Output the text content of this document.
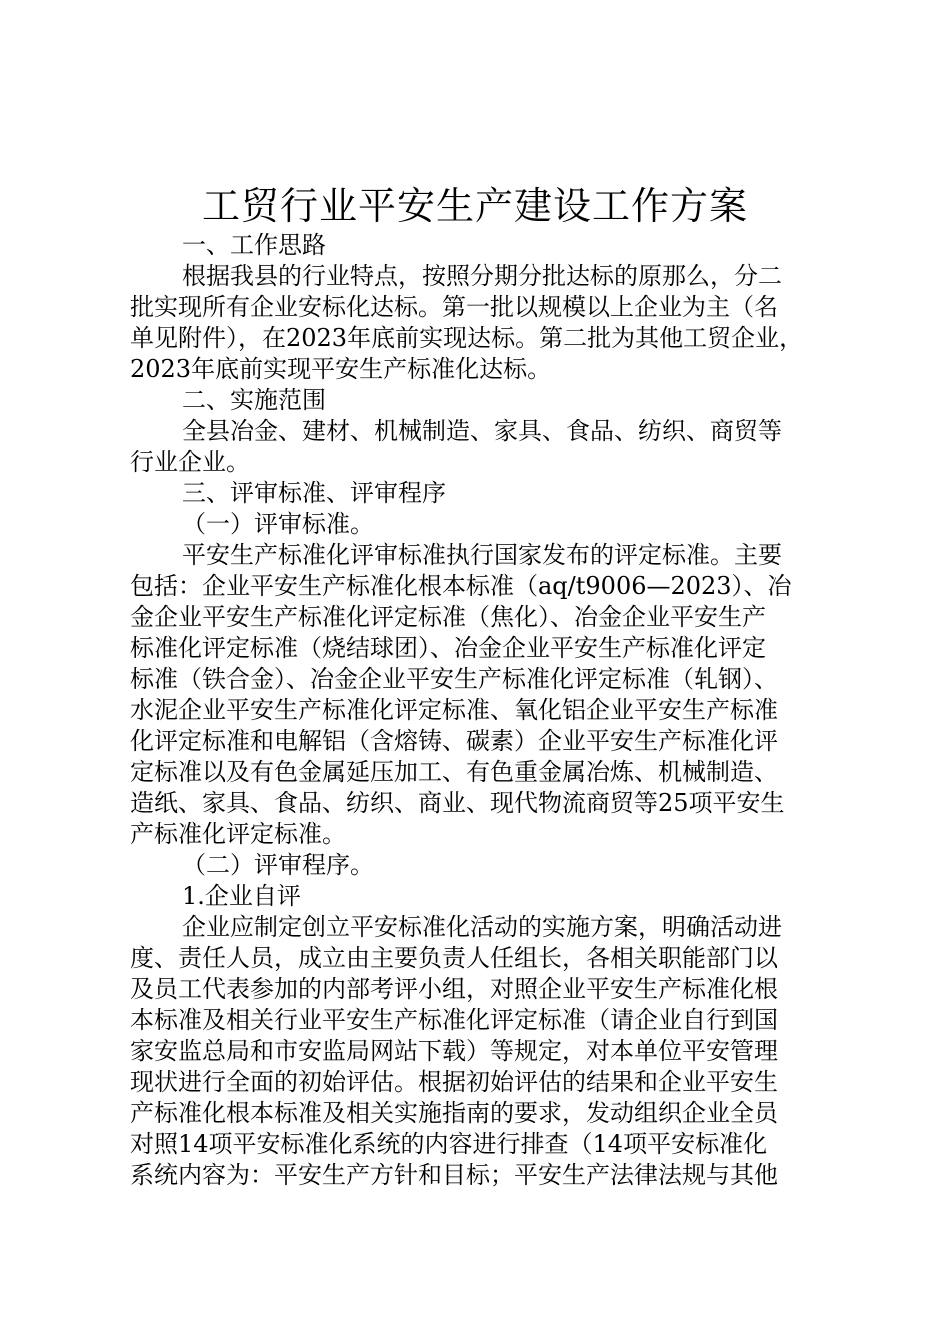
工贸行业平安生产建设工作方案
一、工作思路
根据我县的行业特点，按照分期分批达标的原那么，分二
批实现所有企业安标化达标。第一批以规模以上企业为主（名
单见附件），在2023年底前实现达标。第二批为其他工贸企业，
2023年底前实现平安生产标准化达标。
二、实施范围
全县冶金、建材、机械制造、家具、食品、纺织、商贸等
行业企业。
三、评审标准、评审程序
（一）评审标准。
平安生产标准化评审标准执行国家发布的评定标准。主要
包括：企业平安生产标准化根本标准（aq/t9006—2023）、冶
金企业平安生产标准化评定标准（焦化）、冶金企业平安生产
标准化评定标准（烧结球团）、冶金企业平安生产标准化评定
标准（铁合金）、冶金企业平安生产标准化评定标准（轧钢）、
水泥企业平安生产标准化评定标准、氧化铝企业平安生产标准
化评定标准和电解铝（含熔铸、碳素）企业平安生产标准化评
定标准以及有色金属延压加工、有色重金属冶炼、机械制造、
造纸、家具、食品、纺织、商业、现代物流商贸等25项平安生
产标准化评定标准。
（二）评审程序。
1.企业自评
企业应制定创立平安标准化活动的实施方案，明确活动进
度、责任人员，成立由主要负责人任组长，各相关职能部门以
及员工代表参加的内部考评小组，对照企业平安生产标准化根
本标准及相关行业平安生产标准化评定标准（请企业自行到国
家安监总局和市安监局网站下载）等规定，对本单位平安管理
现状进行全面的初始评估。根据初始评估的结果和企业平安生
产标准化根本标准及相关实施指南的要求，发动组织企业全员
对照14项平安标准化系统的内容进行排查（14项平安标准化
系统内容为：平安生产方针和目标；平安生产法律法规与其他
